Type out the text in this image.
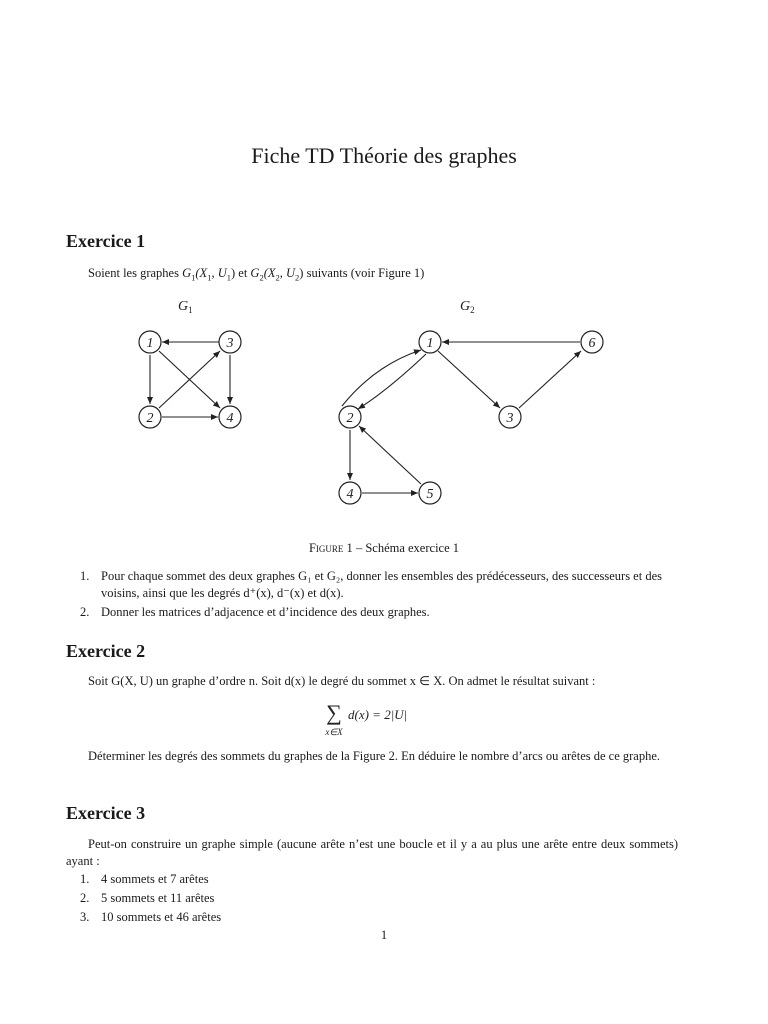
Fiche TD Théorie des graphes
Exercice 1
Soient les graphes $G_1(X_1$, $U_1$) et $G_2(X_2$, $U_2$) suivants (voir Figure 1)
$G_1$	$G_2$
1	3
2	4
1	6
2	3
4	5
Figure 1 – Schéma exercice 1
1. Pour chaque sommet des deux graphes G₁ et G₂, donner les ensembles des prédécesseurs, des successeurs et des voisins, ainsi que les degrés d⁺(x), d⁻(x) et d(x).
2. Donner les matrices d’adjacence et d’incidence des deux graphes.
Exercice 2
Soit G(X, U) un graphe d’ordre n. Soit d(x) le degré du sommet x ∈ X. On admet le résultat suivant :
∑
x∈X
d(x) = 2|U|
Déterminer les degrés des sommets du graphes de la Figure 2. En déduire le nombre d’arcs ou arêtes de ce graphe.
Exercice 3
Peut-on construire un graphe simple (aucune arête n’est une boucle et il y a au plus une arête entre deux sommets) ayant :
1. 4 sommets et 7 arêtes
2. 5 sommets et 11 arêtes
3. 10 sommets et 46 arêtes
1
